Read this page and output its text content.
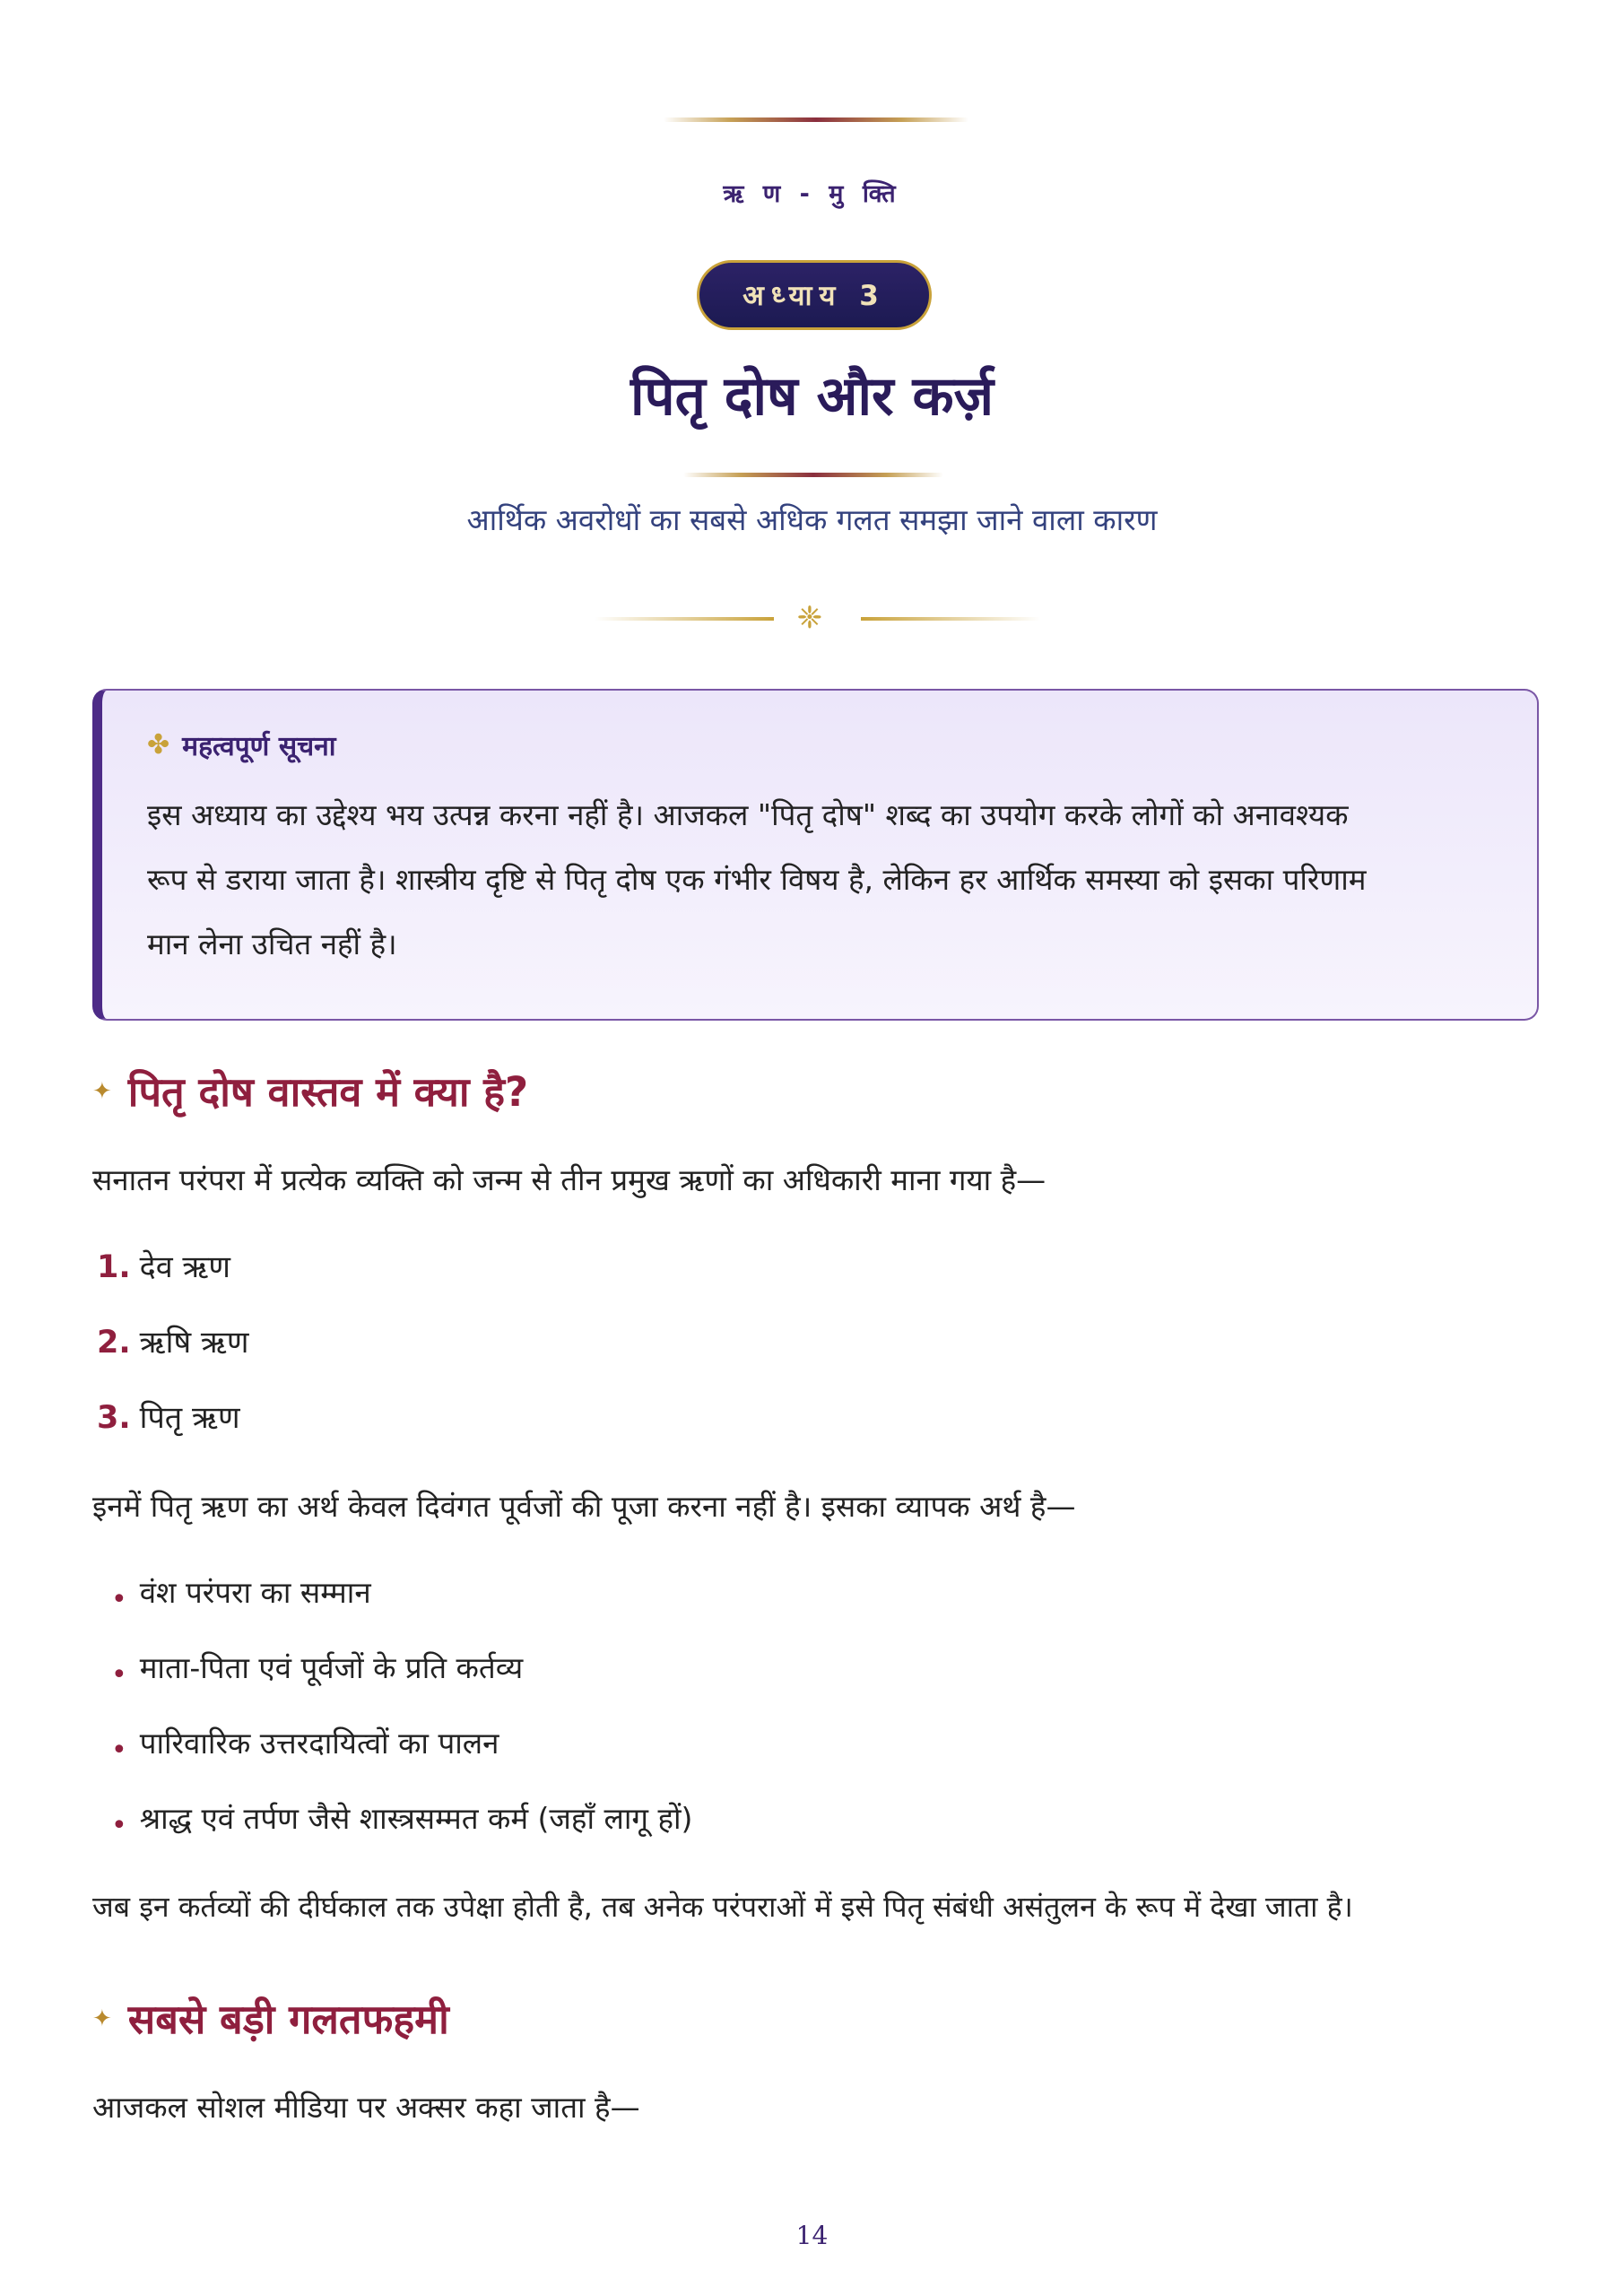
ऋ ण - मु क्ति
अध्याय 3
पितृ दोष और कर्ज़
आर्थिक अवरोधों का सबसे अधिक गलत समझा जाने वाला कारण
❈
✤ महत्वपूर्ण सूचना
इस अध्याय का उद्देश्य भय उत्पन्न करना नहीं है। आजकल "पितृ दोष" शब्द का उपयोग करके लोगों को अनावश्यक
रूप से डराया जाता है। शास्त्रीय दृष्टि से पितृ दोष एक गंभीर विषय है, लेकिन हर आर्थिक समस्या को इसका परिणाम
मान लेना उचित नहीं है।
✦ पितृ दोष वास्तव में क्या है?
सनातन परंपरा में प्रत्येक व्यक्ति को जन्म से तीन प्रमुख ऋणों का अधिकारी माना गया है—
1. देव ऋण
2. ऋषि ऋण
3. पितृ ऋण
इनमें पितृ ऋण का अर्थ केवल दिवंगत पूर्वजों की पूजा करना नहीं है। इसका व्यापक अर्थ है—
• वंश परंपरा का सम्मान
• माता-पिता एवं पूर्वजों के प्रति कर्तव्य
• पारिवारिक उत्तरदायित्वों का पालन
• श्राद्ध एवं तर्पण जैसे शास्त्रसम्मत कर्म (जहाँ लागू हों)
जब इन कर्तव्यों की दीर्घकाल तक उपेक्षा होती है, तब अनेक परंपराओं में इसे पितृ संबंधी असंतुलन के रूप में देखा जाता है।
✦ सबसे बड़ी गलतफहमी
आजकल सोशल मीडिया पर अक्सर कहा जाता है—
14
